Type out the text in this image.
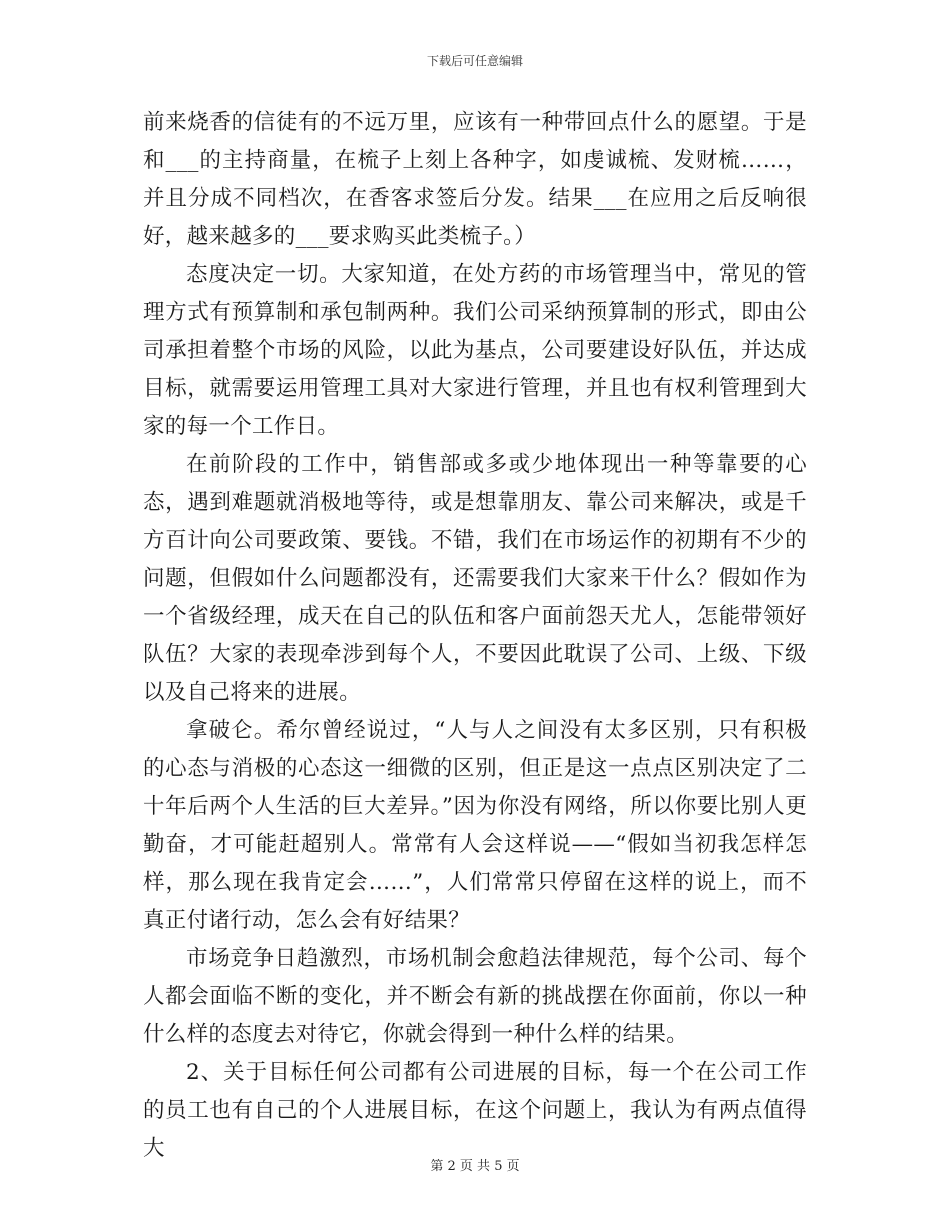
下载后可任意编辑

前来烧香的信徒有的不远万里，应该有一种带回点什么的愿望。于是和___的主持商量，在梳子上刻上各种字，如虔诚梳、发财梳……，并且分成不同档次，在香客求签后分发。结果___在应用之后反响很好，越来越多的___要求购买此类梳子。）

态度决定一切。大家知道，在处方药的市场管理当中，常见的管理方式有预算制和承包制两种。我们公司采纳预算制的形式，即由公司承担着整个市场的风险，以此为基点，公司要建设好队伍，并达成目标，就需要运用管理工具对大家进行管理，并且也有权利管理到大家的每一个工作日。

在前阶段的工作中，销售部或多或少地体现出一种等靠要的心态，遇到难题就消极地等待，或是想靠朋友、靠公司来解决，或是千方百计向公司要政策、要钱。不错，我们在市场运作的初期有不少的问题，但假如什么问题都没有，还需要我们大家来干什么？假如作为一个省级经理，成天在自己的队伍和客户面前怨天尤人，怎能带领好队伍？大家的表现牵涉到每个人，不要因此耽误了公司、上级、下级以及自己将来的进展。

拿破仑。希尔曾经说过，“人与人之间没有太多区别，只有积极的心态与消极的心态这一细微的区别，但正是这一点点区别决定了二十年后两个人生活的巨大差异。”因为你没有网络，所以你要比别人更勤奋，才可能赶超别人。常常有人会这样说——“假如当初我怎样怎样，那么现在我肯定会……”，人们常常只停留在这样的说上，而不真正付诸行动，怎么会有好结果？

市场竞争日趋激烈，市场机制会愈趋法律规范，每个公司、每个人都会面临不断的变化，并不断会有新的挑战摆在你面前，你以一种什么样的态度去对待它，你就会得到一种什么样的结果。

2、关于目标任何公司都有公司进展的目标，每一个在公司工作的员工也有自己的个人进展目标，在这个问题上，我认为有两点值得大

第 2 页 共 5 页
